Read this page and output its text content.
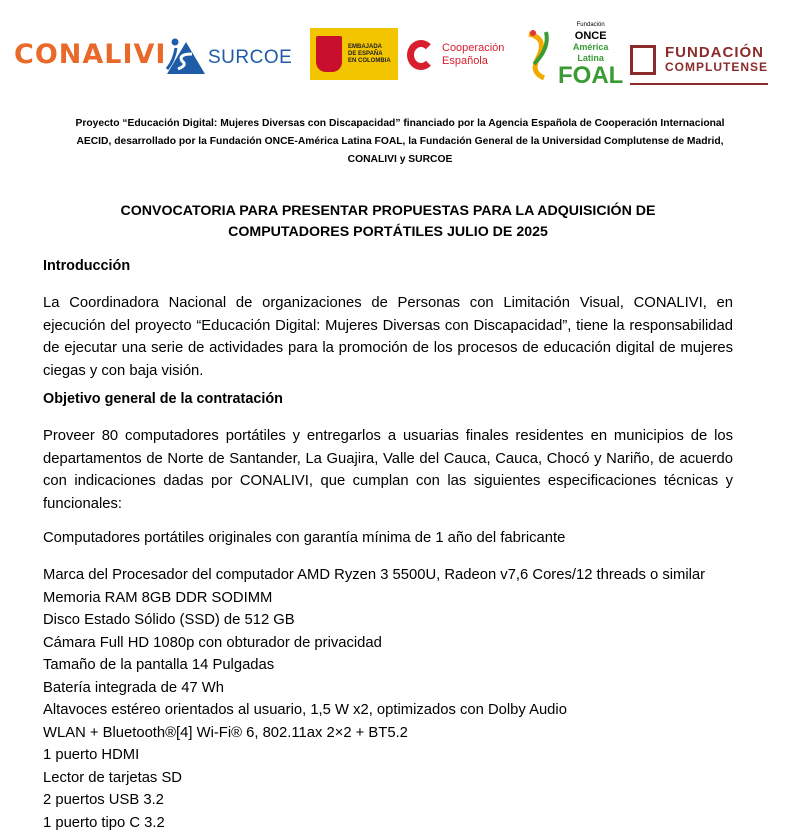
CONALIVI SURCOE
EMBAJADA
DE ESPAÑA
EN COLOMBIA
Cooperación
Española
Fundación
ONCE
América
Latina
FOAL
FUNDACIÓN
COMPLUTENSE
Proyecto “Educación Digital: Mujeres Diversas con Discapacidad” financiado por la Agencia Española de Cooperación Internacional
AECID, desarrollado por la Fundación ONCE-América Latina FOAL, la Fundación General de la Universidad Complutense de Madrid,
CONALIVI y SURCOE
CONVOCATORIA PARA PRESENTAR PROPUESTAS PARA LA ADQUISICIÓN DE
COMPUTADORES PORTÁTILES JULIO DE 2025
Introducción
La Coordinadora Nacional de organizaciones de Personas con Limitación Visual, CONALIVI, en ejecución del proyecto “Educación Digital: Mujeres Diversas con Discapacidad”, tiene la responsabilidad de ejecutar una serie de actividades para la promoción de los procesos de educación digital de mujeres ciegas y con baja visión.
Objetivo general de la contratación
Proveer 80 computadores portátiles y entregarlos a usuarias finales residentes en municipios de los departamentos de Norte de Santander, La Guajira, Valle del Cauca, Cauca, Chocó y Nariño, de acuerdo con indicaciones dadas por CONALIVI, que cumplan con las siguientes especificaciones técnicas y funcionales:
Computadores portátiles originales con garantía mínima de 1 año del fabricante
Marca del Procesador del computador AMD Ryzen 3 5500U, Radeon v7,6 Cores/12 threads o similar
Memoria RAM 8GB DDR SODIMM
Disco Estado Sólido (SSD) de 512 GB
Cámara Full HD 1080p con obturador de privacidad
Tamaño de la pantalla 14 Pulgadas
Batería integrada de 47 Wh
Altavoces estéreo orientados al usuario, 1,5 W x2, optimizados con Dolby Audio
WLAN + Bluetooth®[4] Wi-Fi® 6, 802.11ax 2×2 + BT5.2
1 puerto HDMI
Lector de tarjetas SD
2 puertos USB 3.2
1 puerto tipo C 3.2
